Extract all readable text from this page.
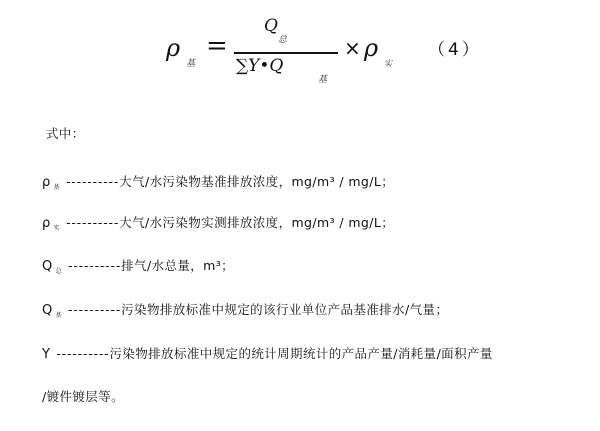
ρ
基
=
Q
总
∑Y•Q
基
× ρ
实
（4）
式中：
ρ $_基$ ----------大气/水污染物基准排放浓度，mg/m³ / mg/L；
ρ $_实$ ----------大气/水污染物实测排放浓度，mg/m³ / mg/L；
Q $_总$ ----------排气/水总量，m³；
Q $_基$ ----------污染物排放标准中规定的该行业单位产品基准排水/气量；
Y ----------污染物排放标准中规定的统计周期统计的产品产量/消耗量/面积产量
/镀件镀层等。
